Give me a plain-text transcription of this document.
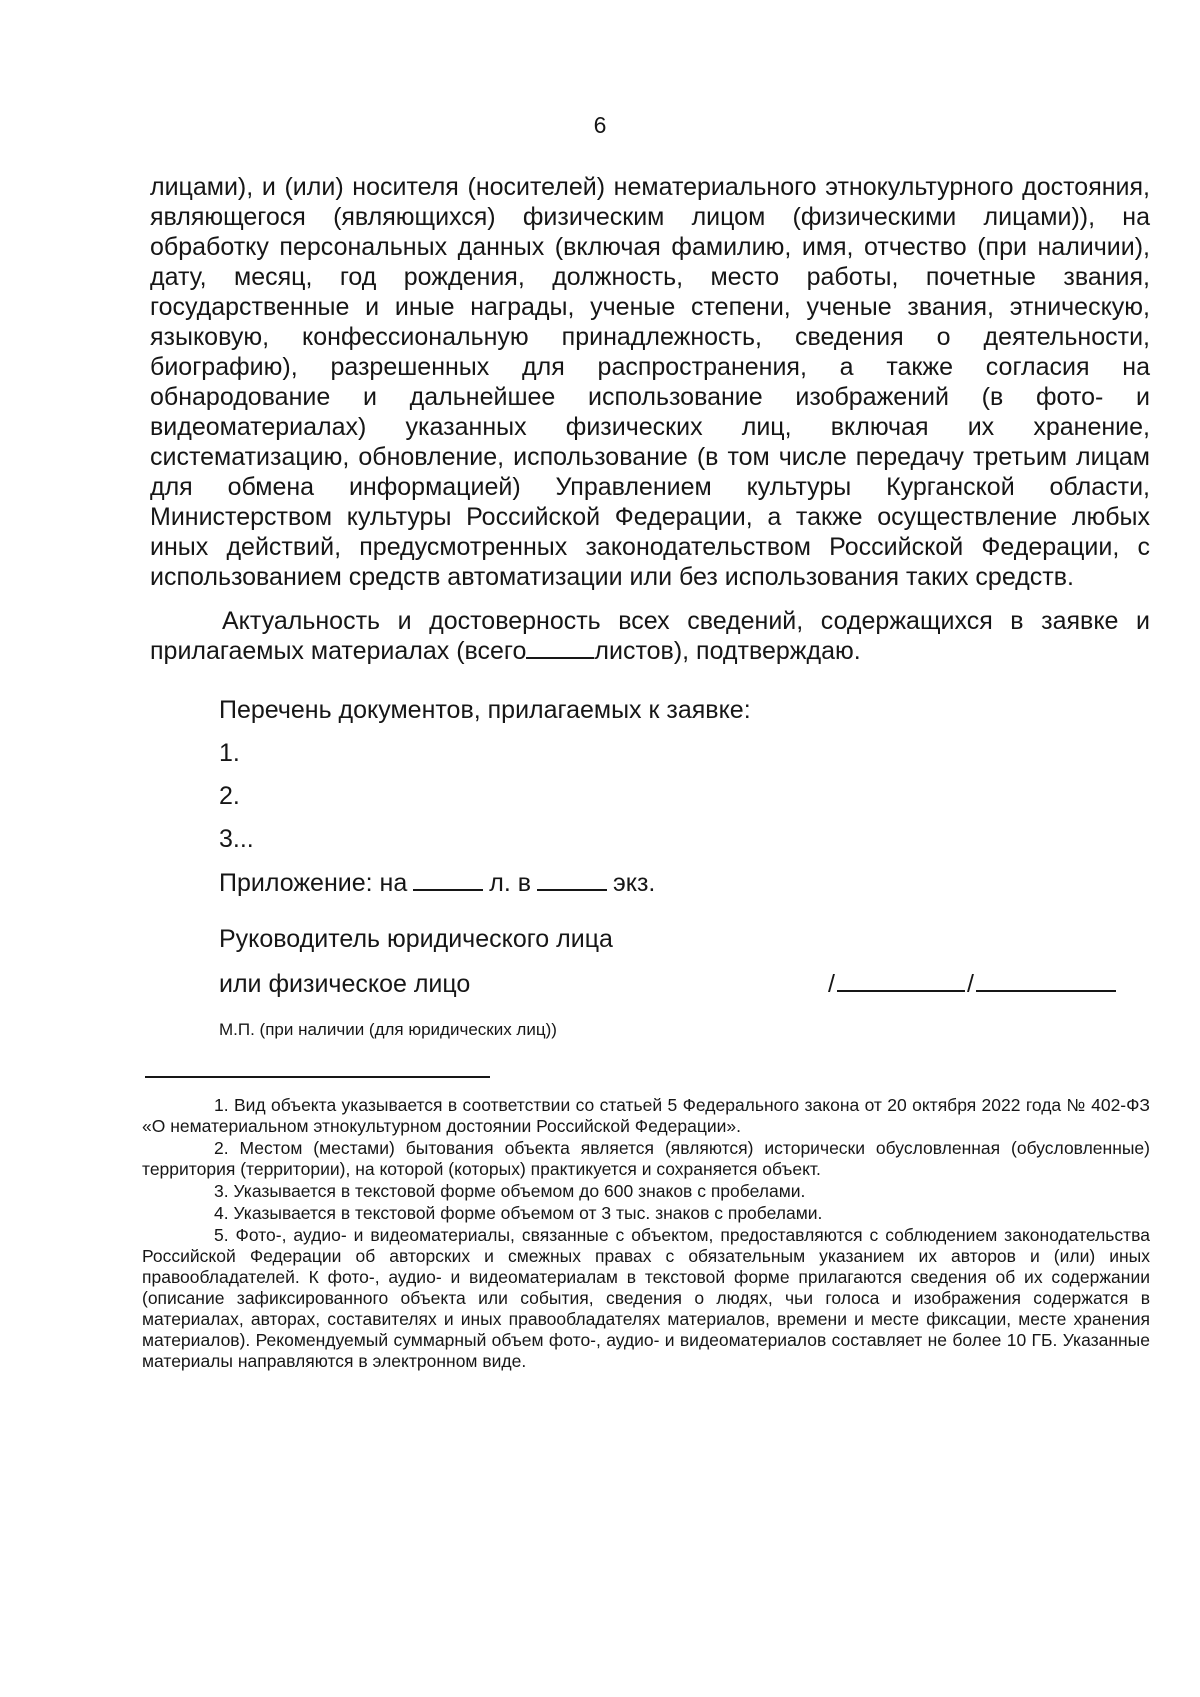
6

лицами), и (или) носителя (носителей) нематериального этнокультурного достояния, являющегося (являющихся) физическим лицом (физическими лицами)), на обработку персональных данных (включая фамилию, имя, отчество (при наличии), дату, месяц, год рождения, должность, место работы, почетные звания, государственные и иные награды, ученые степени, ученые звания, этническую, языковую, конфессиональную принадлежность, сведения о деятельности, биографию), разрешенных для распространения, а также согласия на обнародование и дальнейшее использование изображений (в фото- и видеоматериалах) указанных физических лиц, включая их хранение, систематизацию, обновление, использование (в том числе передачу третьим лицам для обмена информацией) Управлением культуры Курганской области, Министерством культуры Российской Федерации, а также осуществление любых иных действий, предусмотренных законодательством Российской Федерации, с использованием средств автоматизации или без использования таких средств.

Актуальность и достоверность всех сведений, содержащихся в заявке и прилагаемых материалах (всего	листов), подтверждаю.

Перечень документов, прилагаемых к заявке:
1.
2.
3...
Приложение: на	л. в	экз.
Руководитель юридического лица
или физическое лицо	/	/
М.П. (при наличии (для юридических лиц))

1. Вид объекта указывается в соответствии со статьей 5 Федерального закона от 20 октября 2022 года № 402-ФЗ «О нематериальном этнокультурном достоянии Российской Федерации».

2. Местом (местами) бытования объекта является (являются) исторически обусловленная (обусловленные) территория (территории), на которой (которых) практикуется и сохраняется объект.

3. Указывается в текстовой форме объемом до 600 знаков с пробелами.

4. Указывается в текстовой форме объемом от 3 тыс. знаков с пробелами.

5. Фото-, аудио- и видеоматериалы, связанные с объектом, предоставляются с соблюдением законодательства Российской Федерации об авторских и смежных правах с обязательным указанием их авторов и (или) иных правообладателей. К фото-, аудио- и видеоматериалам в текстовой форме прилагаются сведения об их содержании (описание зафиксированного объекта или события, сведения о людях, чьи голоса и изображения содержатся в материалах, авторах, составителях и иных правообладателях материалов, времени и месте фиксации, месте хранения материалов). Рекомендуемый суммарный объем фото-, аудио- и видеоматериалов составляет не более 10 ГБ. Указанные материалы направляются в электронном виде.
